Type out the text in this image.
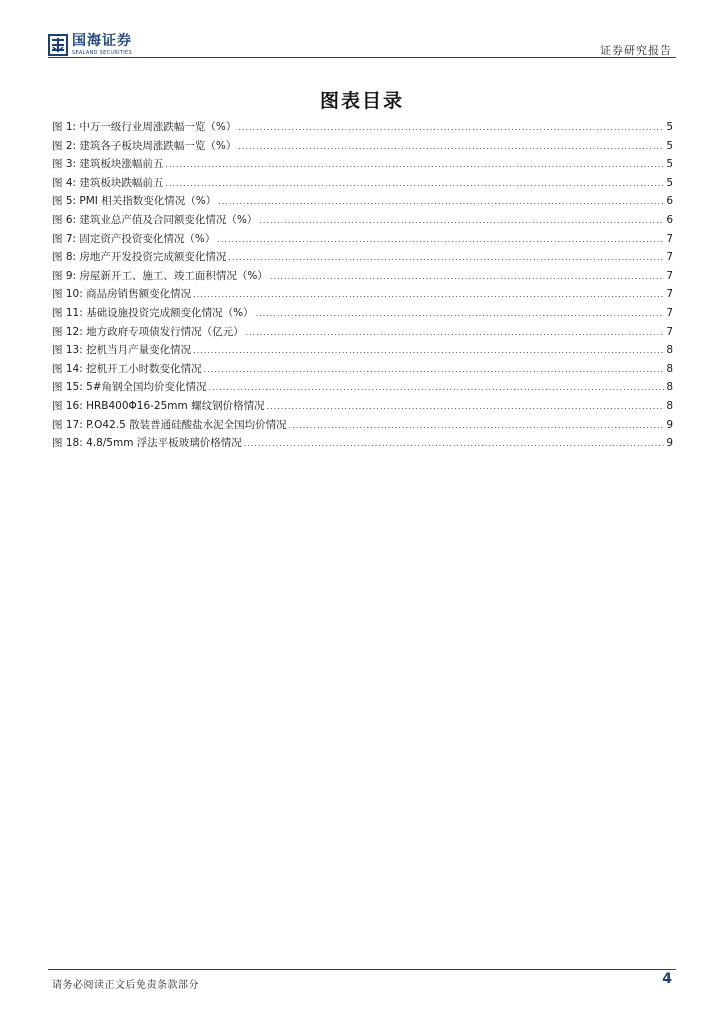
国海证券
SEALAND SECURITIES	证券研究报告
图表目录
图 1: 中万一级行业周涨跌幅一览（%） .....	5
图 2: 建筑各子板块周涨跌幅一览（%） .....	5
图 3: 建筑板块涨幅前五 .....	5
图 4: 建筑板块跌幅前五 .....	5
图 5: PMI 相关指数变化情况（%） .....	6
图 6: 建筑业总产值及合同额变化情况（%） .....	6
图 7: 固定资产投资变化情况（%） .....	7
图 8: 房地产开发投资完成额变化情况 .....	7
图 9: 房屋新开工、施工、竣工面积情况（%） .....	7
图 10: 商品房销售额变化情况 .....	7
图 11: 基础设施投资完成额变化情况（%） .....	7
图 12: 地方政府专项债发行情况（亿元） .....	7
图 13: 挖机当月产量变化情况 .....	8
图 14: 挖机开工小时数变化情况 .....	8
图 15: 5#角钢全国均价变化情况 .....	8
图 16: HRB400Φ16-25mm 螺纹钢价格情况 .....	8
图 17: P.O42.5 散装普通硅酸盐水泥全国均价情况 .....	9
图 18: 4.8/5mm 浮法平板玻璃价格情况 .....	9
请务必阅读正文后免责条款部分	4
